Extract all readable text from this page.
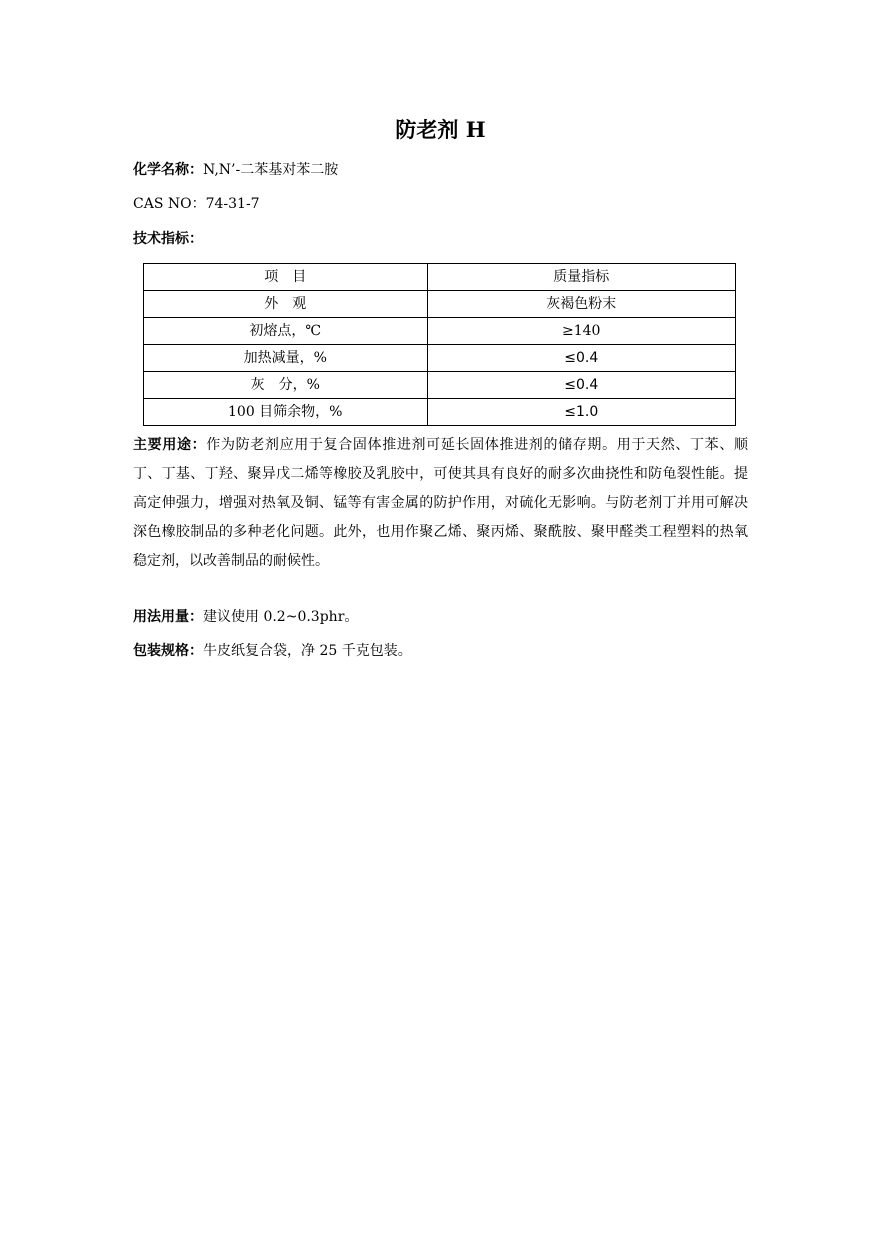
防老剂 H
化学名称：N,N’-二苯基对苯二胺
CAS NO：74-31-7
技术指标：
项　目	质量指标
外　观	灰褐色粉末
初熔点，℃	≥140
加热减量，%	≤0.4
灰　分，%	≤0.4
100 目筛余物，%	≤1.0
主要用途：作为防老剂应用于复合固体推进剂可延长固体推进剂的储存期。用于天然、丁苯、顺丁、丁基、丁羟、聚异戊二烯等橡胶及乳胶中，可使其具有良好的耐多次曲挠性和防龟裂性能。提高定伸强力，增强对热氧及铜、锰等有害金属的防护作用，对硫化无影响。与防老剂丁并用可解决深色橡胶制品的多种老化问题。此外，也用作聚乙烯、聚丙烯、聚酰胺、聚甲醛类工程塑料的热氧稳定剂，以改善制品的耐候性。
用法用量：建议使用 0.2~0.3phr。
包装规格：牛皮纸复合袋，净 25 千克包装。
